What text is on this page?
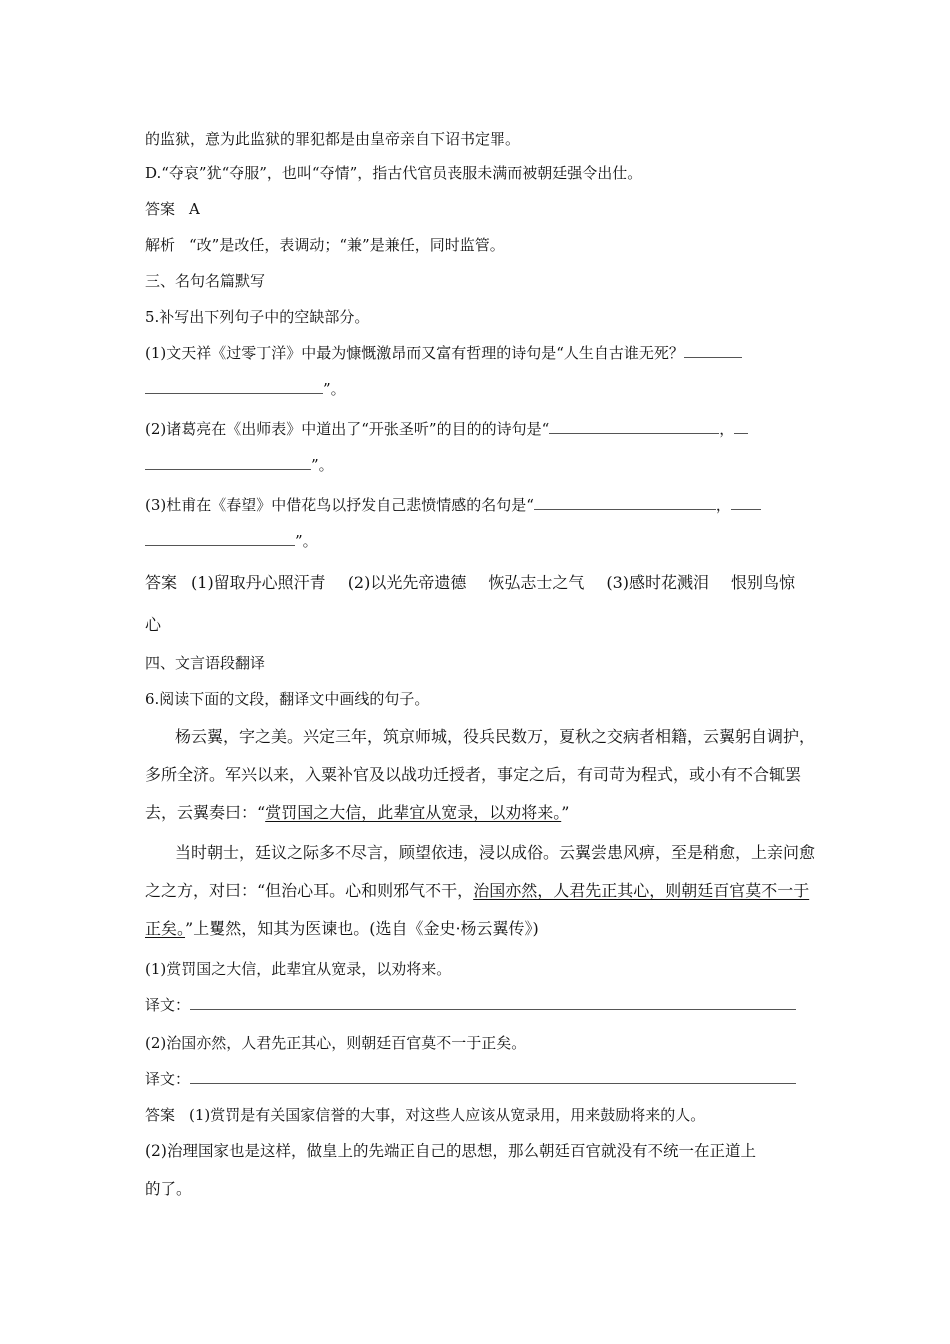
的监狱，意为此监狱的罪犯都是由皇帝亲自下诏书定罪。
D.“夺哀”犹“夺服”，也叫“夺情”，指古代官员丧服未满而被朝廷强令出仕。
答案 A
解析 “改”是改任，表调动；“兼”是兼任，同时监管。
三、名句名篇默写
5.补写出下列句子中的空缺部分。
(1)文天祥《过零丁洋》中最为慷慨激昂而又富有哲理的诗句是“人生自古谁无死？
”。
(2)诸葛亮在《出师表》中道出了“开张圣听”的目的的诗句是“	，
”。
(3)杜甫在《春望》中借花鸟以抒发自己悲愤情感的名句是“	，
”。
答案 (1)留取丹心照汗青 (2)以光先帝遗德 恢弘志士之气 (3)感时花溅泪 恨别鸟惊
心
四、文言语段翻译
6.阅读下面的文段，翻译文中画线的句子。
杨云翼，字之美。兴定三年，筑京师城，役兵民数万，夏秋之交病者相籍，云翼躬自调护，
多所全济。军兴以来，入粟补官及以战功迁授者，事定之后，有司苛为程式，或小有不合辄罢
去，云翼奏曰：“赏罚国之大信，此辈宜从宽录，以劝将来。”
当时朝士，廷议之际多不尽言，顾望依违，浸以成俗。云翼尝患风痹，至是稍愈，上亲问愈
之之方，对曰：“但治心耳。心和则邪气不干，治国亦然，人君先正其心，则朝廷百官莫不一于
正矣。”上矍然，知其为医谏也。(选自《金史·杨云翼传》)
(1)赏罚国之大信，此辈宜从宽录，以劝将来。
译文：
(2)治国亦然，人君先正其心，则朝廷百官莫不一于正矣。
译文：
答案 (1)赏罚是有关国家信誉的大事，对这些人应该从宽录用，用来鼓励将来的人。
(2)治理国家也是这样，做皇上的先端正自己的思想，那么朝廷百官就没有不统一在正道上
的了。
